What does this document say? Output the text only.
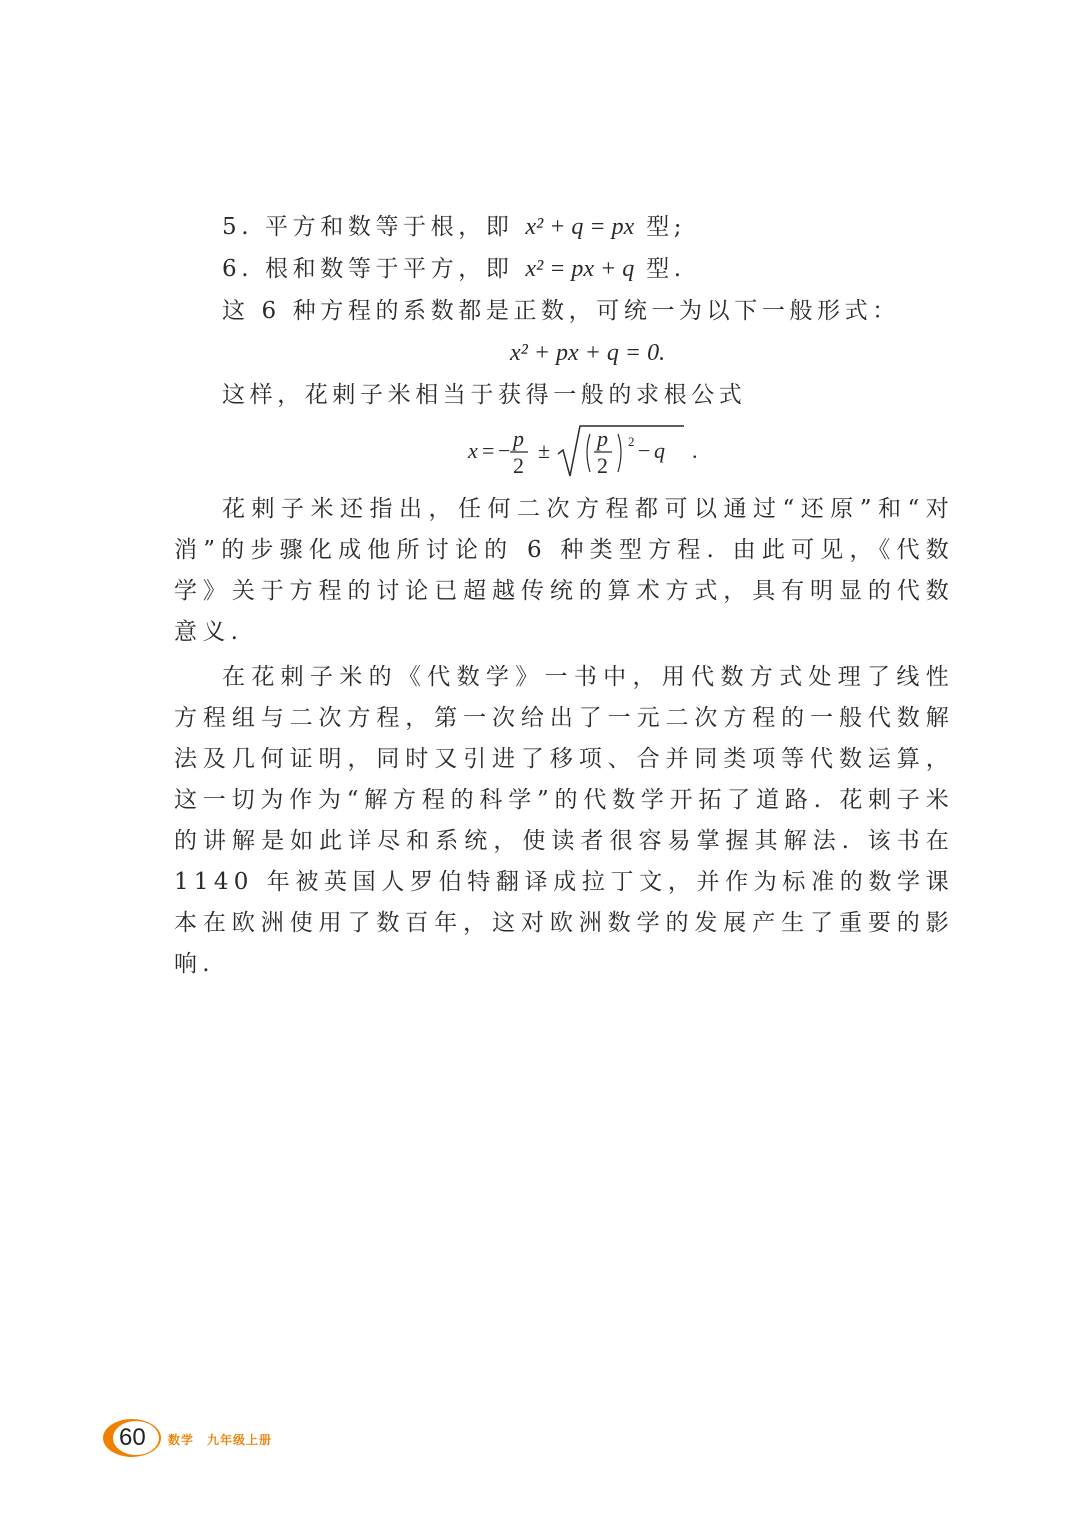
5. 平方和数等于根，即 x² + q = px 型;
6. 根和数等于平方，即 x² = px + q 型.
这 6 种方程的系数都是正数，可统一为以下一般形式：
x² + px + q = 0.
这样，花剌子米相当于获得一般的求根公式
x = − p
2
± p
2
2 − q .

花剌子米还指出，任何二次方程都可以通过“还原”和“对消”的步骤化成他所讨论的 6 种类型方程. 由此可见，《代数学》关于方程的讨论已超越传统的算术方式，具有明显的代数意义.

在花剌子米的《代数学》一书中，用代数方式处理了线性方程组与二次方程，第一次给出了一元二次方程的一般代数解法及几何证明，同时又引进了移项、合并同类项等代数运算，这一切为作为“解方程的科学”的代数学开拓了道路. 花剌子米的讲解是如此详尽和系统，使读者很容易掌握其解法. 该书在 1140 年被英国人罗伯特翻译成拉丁文，并作为标准的数学课本在欧洲使用了数百年，这对欧洲数学的发展产生了重要的影响.

60 数学　九年级上册
